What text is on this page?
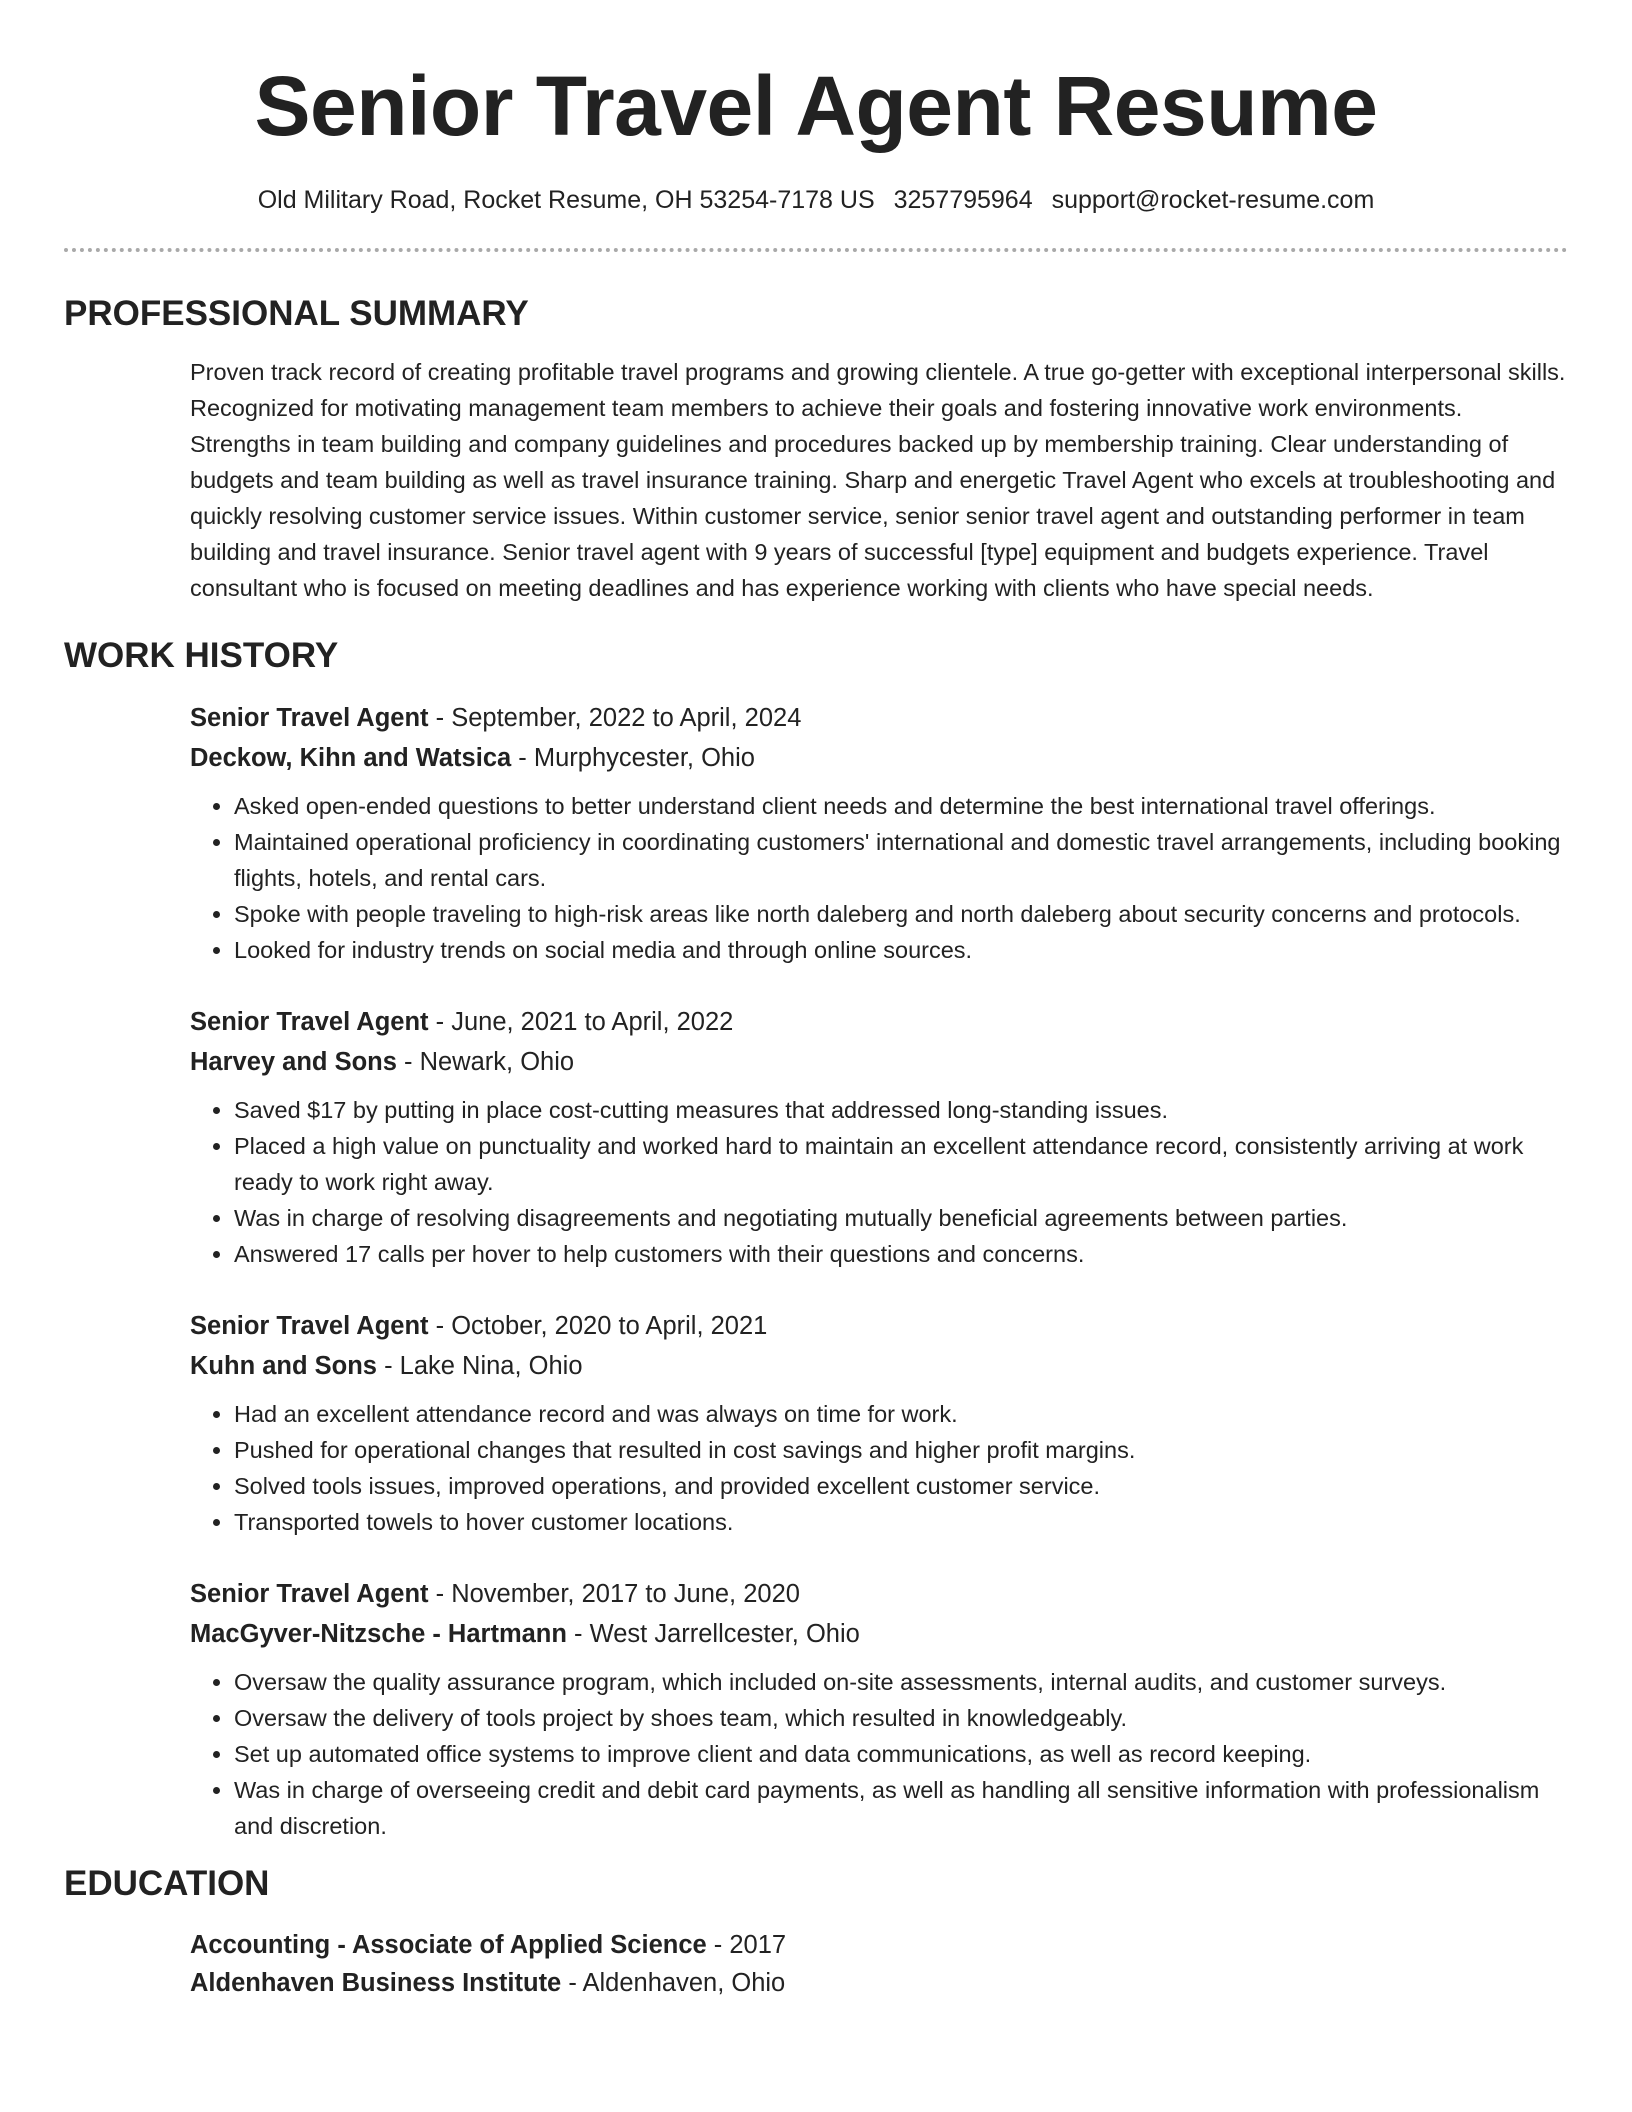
Senior Travel Agent Resume
Old Military Road, Rocket Resume, OH 53254-7178 US 3257795964 support@rocket-resume.com
PROFESSIONAL SUMMARY

Proven track record of creating profitable travel programs and growing clientele. A true go-getter with exceptional interpersonal skills. Recognized for motivating management team members to achieve their goals and fostering innovative work environments. Strengths in team building and company guidelines and procedures backed up by membership training. Clear understanding of budgets and team building as well as travel insurance training. Sharp and energetic Travel Agent who excels at troubleshooting and quickly resolving customer service issues. Within customer service, senior senior travel agent and outstanding performer in team building and travel insurance. Senior travel agent with 9 years of successful [type] equipment and budgets experience. Travel consultant who is focused on meeting deadlines and has experience working with clients who have special needs.

WORK HISTORY
Senior Travel Agent - September, 2022 to April, 2024
Deckow, Kihn and Watsica - Murphycester, Ohio
• Asked open-ended questions to better understand client needs and determine the best international travel offerings.
• Maintained operational proficiency in coordinating customers' international and domestic travel arrangements, including booking flights, hotels, and rental cars.
• Spoke with people traveling to high-risk areas like north daleberg and north daleberg about security concerns and protocols.
• Looked for industry trends on social media and through online sources.
Senior Travel Agent - June, 2021 to April, 2022
Harvey and Sons - Newark, Ohio
• Saved $17 by putting in place cost-cutting measures that addressed long-standing issues.
• Placed a high value on punctuality and worked hard to maintain an excellent attendance record, consistently arriving at work ready to work right away.
• Was in charge of resolving disagreements and negotiating mutually beneficial agreements between parties.
• Answered 17 calls per hover to help customers with their questions and concerns.
Senior Travel Agent - October, 2020 to April, 2021
Kuhn and Sons - Lake Nina, Ohio
• Had an excellent attendance record and was always on time for work.
• Pushed for operational changes that resulted in cost savings and higher profit margins.
• Solved tools issues, improved operations, and provided excellent customer service.
• Transported towels to hover customer locations.
Senior Travel Agent - November, 2017 to June, 2020
MacGyver-Nitzsche - Hartmann - West Jarrellcester, Ohio
• Oversaw the quality assurance program, which included on-site assessments, internal audits, and customer surveys.
• Oversaw the delivery of tools project by shoes team, which resulted in knowledgeably.
• Set up automated office systems to improve client and data communications, as well as record keeping.
• Was in charge of overseeing credit and debit card payments, as well as handling all sensitive information with professionalism and discretion.
EDUCATION
Accounting - Associate of Applied Science - 2017
Aldenhaven Business Institute - Aldenhaven, Ohio
